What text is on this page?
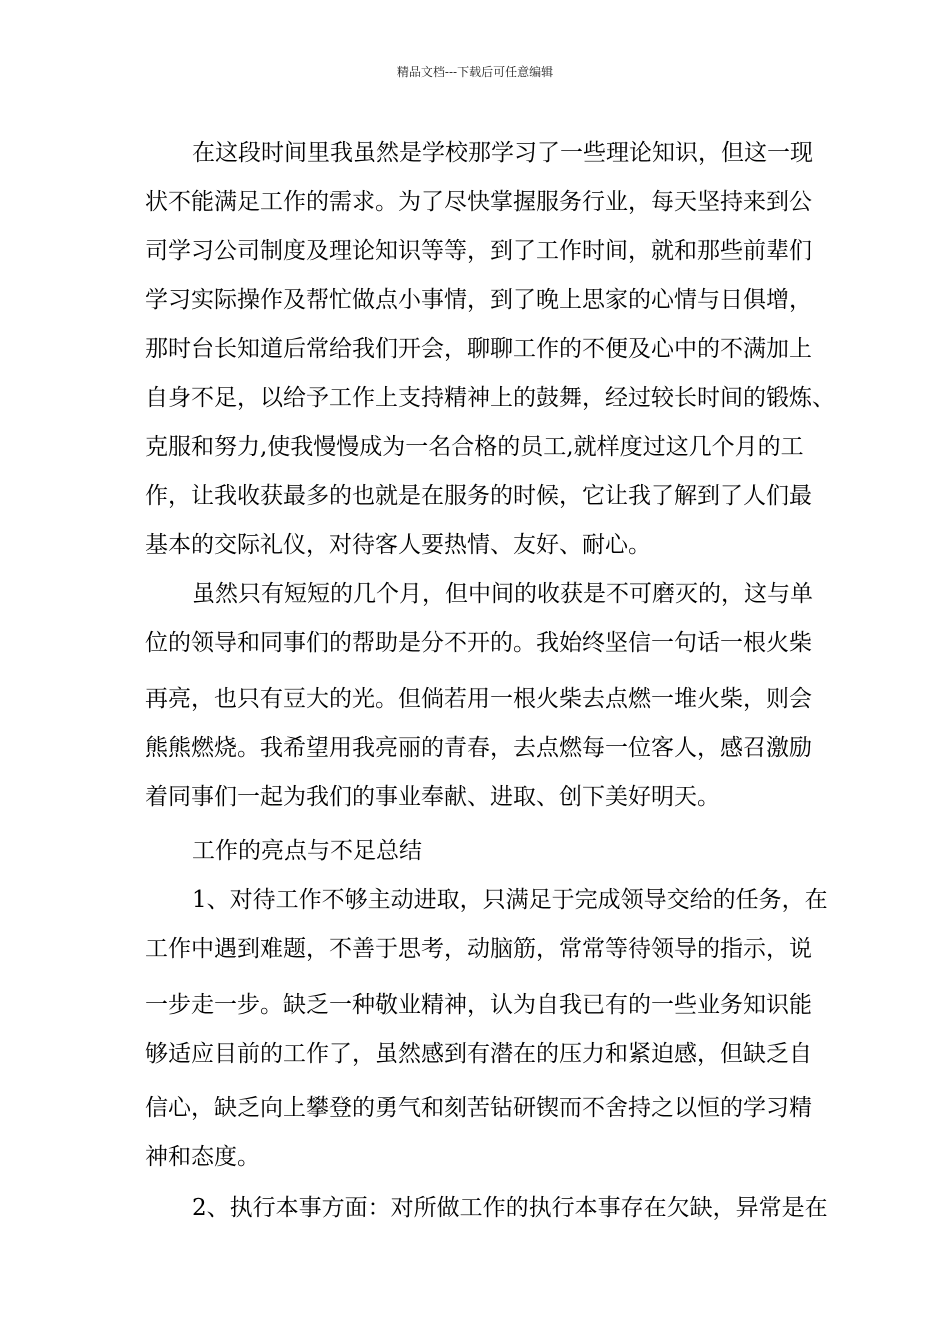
精品文档---下载后可任意编辑
在这段时间里我虽然是学校那学习了一些理论知识，但这一现
状不能满足工作的需求。为了尽快掌握服务行业，每天坚持来到公
司学习公司制度及理论知识等等，到了工作时间，就和那些前辈们
学习实际操作及帮忙做点小事情，到了晚上思家的心情与日俱增，
那时台长知道后常给我们开会，聊聊工作的不便及心中的不满加上
自身不足，以给予工作上支持精神上的鼓舞，经过较长时间的锻炼、
克服和努力,使我慢慢成为一名合格的员工,就样度过这几个月的工
作，让我收获最多的也就是在服务的时候，它让我了解到了人们最
基本的交际礼仪，对待客人要热情、友好、耐心。
虽然只有短短的几个月，但中间的收获是不可磨灭的，这与单
位的领导和同事们的帮助是分不开的。我始终坚信一句话一根火柴
再亮，也只有豆大的光。但倘若用一根火柴去点燃一堆火柴，则会
熊熊燃烧。我希望用我亮丽的青春，去点燃每一位客人，感召激励
着同事们一起为我们的事业奉献、进取、创下美好明天。
工作的亮点与不足总结
1、对待工作不够主动进取，只满足于完成领导交给的任务，在
工作中遇到难题，不善于思考，动脑筋，常常等待领导的指示，说
一步走一步。缺乏一种敬业精神，认为自我已有的一些业务知识能
够适应目前的工作了，虽然感到有潜在的压力和紧迫感，但缺乏自
信心，缺乏向上攀登的勇气和刻苦钻研锲而不舍持之以恒的学习精
神和态度。
2、执行本事方面：对所做工作的执行本事存在欠缺，异常是在
